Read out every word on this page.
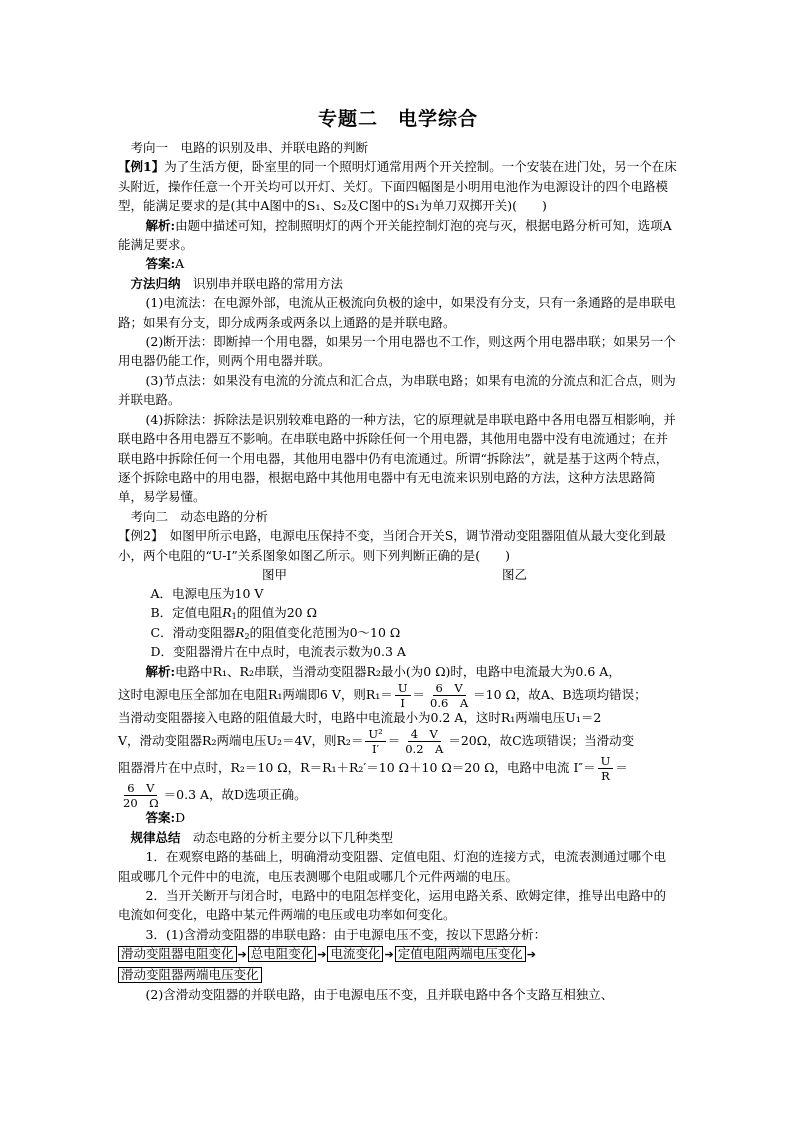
专题二　电学综合

考向一　电路的识别及串、并联电路的判断

【例1】为了生活方便，卧室里的同一个照明灯通常用两个开关控制。一个安装在进门处，另一个在床头附近，操作任意一个开关均可以开灯、关灯。下面四幅图是小明用电池作为电源设计的四个电路模型，能满足要求的是(其中A图中的S₁、S₂及C图中的S₁为单刀双掷开关)(　　)

解析:由题中描述可知，控制照明灯的两个开关能控制灯泡的亮与灭，根据电路分析可知，选项A能满足要求。

答案:A

方法归纳　 识别串并联电路的常用方法

(1)电流法：在电源外部，电流从正极流向负极的途中，如果没有分支，只有一条通路的是串联电路；如果有分支，即分成两条或两条以上通路的是并联电路。

(2)断开法：即断掉一个用电器，如果另一个用电器也不工作，则这两个用电器串联；如果另一个用电器仍能工作，则两个用电器并联。

(3)节点法：如果没有电流的分流点和汇合点，为串联电路；如果有电流的分流点和汇合点，则为并联电路。

(4)拆除法：拆除法是识别较难电路的一种方法，它的原理就是串联电路中各用电器互相影响，并联电路中各用电器互不影响。在串联电路中拆除任何一个用电器，其他用电器中没有电流通过；在并联电路中拆除任何一个用电器，其他用电器中仍有电流通过。所谓“拆除法”，就是基于这两个特点，逐个拆除电路中的用电器，根据电路中其他用电器中有无电流来识别电路的方法，这种方法思路简单，易学易懂。

考向二　动态电路的分析

【例2】　 如图甲所示电路，电源电压保持不变，当闭合开关S，调节滑动变阻器阻值从最大变化到最小，两个电阻的“U-I”关系图象如图乙所示。则下列判断正确的是(　　)

图甲	图乙

A．电源电压为10 V

B．定值电阻$R_1$的阻值为20 Ω

C．滑动变阻器$R_2$的阻值变化范围为0～10 Ω

D．变阻器滑片在中点时，电流表示数为0.3 A

解析:电路中R₁、R₂串联，当滑动变阻器R₂最小(为0 Ω)时，电路中电流最大为0.6 A，

这时电源电压全部加在电阻R₁两端即6 V，则$R_1= \frac{U}{I} = \frac{6 V}{0.6 A} =10$ Ω，故A、B选项均错误；

当滑动变阻器接入电路的阻值最大时，电路中电流最小为0.2 A，这时R₁两端电压U₁＝2

V，滑动变阻器R₂两端电压U₂＝4V，则$R_2= \frac{\text{U²}}{I'} = \frac{4 V}{0.2 A} =20\Omega$，故C选项错误；当滑动变
阻器滑片在中点时，R₂＝10 Ω，R＝R₁＋R₂′＝10 Ω＋10 Ω＝20 Ω，电路中电流 $I''= \frac{U}{R}$ ＝
$\frac{6 V}{20 \Omega} =0.3$ A，故D选项正确。

答案:D

规律总结　 动态电路的分析主要分以下几种类型

1．在观察电路的基础上，明确滑动变阻器、定值电阻、灯泡的连接方式，电流表测通过哪个电阻或哪几个元件中的电流，电压表测哪个电阻或哪几个元件两端的电压。

2．当开关断开与闭合时，电路中的电阻怎样变化，运用电路关系、欧姆定律，推导出电路中的电流如何变化，电路中某元件两端的电压或电功率如何变化。

3．(1)含滑动变阻器的串联电路：由于电源电压不变，按以下思路分析：

滑动变阻器电阻变化 ➔ 总电阻变化 ➔ 电流变化 ➔ 定值电阻两端电压变化 ➔
滑动变阻器两端电压变化

(2)含滑动变阻器的并联电路，由于电源电压不变，且并联电路中各个支路互相独立、
